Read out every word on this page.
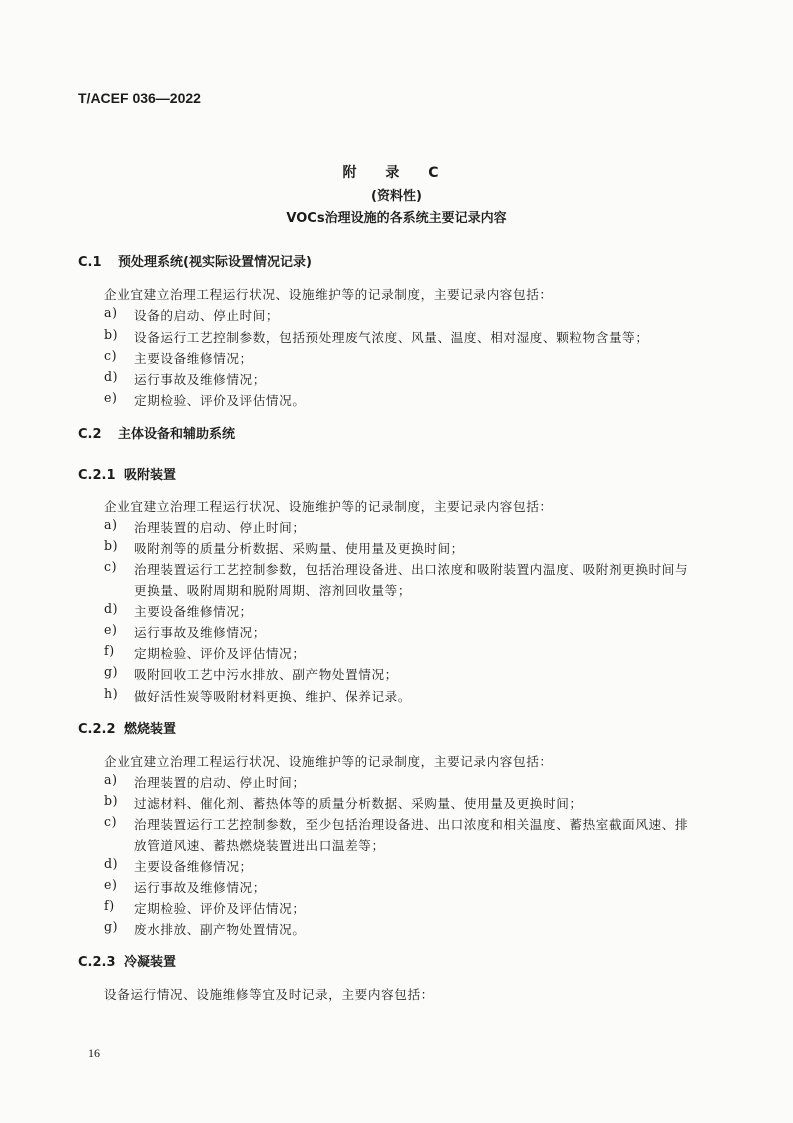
T/ACEF 036—2022
附 录 C
(资料性)
VOCs治理设施的各系统主要记录内容
C.1 预处理系统(视实际设置情况记录)
企业宜建立治理工程运行状况、设施维护等的记录制度，主要记录内容包括：
a) 设备的启动、停止时间；
b) 设备运行工艺控制参数，包括预处理废气浓度、风量、温度、相对湿度、颗粒物含量等；
c) 主要设备维修情况；
d) 运行事故及维修情况；
e) 定期检验、评价及评估情况。
C.2 主体设备和辅助系统
C.2.1 吸附装置
企业宜建立治理工程运行状况、设施维护等的记录制度，主要记录内容包括：
a) 治理装置的启动、停止时间；
b) 吸附剂等的质量分析数据、采购量、使用量及更换时间；
c) 治理装置运行工艺控制参数，包括治理设备进、出口浓度和吸附装置内温度、吸附剂更换时间与
更换量、吸附周期和脱附周期、溶剂回收量等；
d) 主要设备维修情况；
e) 运行事故及维修情况；
f) 定期检验、评价及评估情况；
g) 吸附回收工艺中污水排放、副产物处置情况；
h) 做好活性炭等吸附材料更换、维护、保养记录。
C.2.2 燃烧装置
企业宜建立治理工程运行状况、设施维护等的记录制度，主要记录内容包括：
a) 治理装置的启动、停止时间；
b) 过滤材料、催化剂、蓄热体等的质量分析数据、采购量、使用量及更换时间；
c) 治理装置运行工艺控制参数，至少包括治理设备进、出口浓度和相关温度、蓄热室截面风速、排
放管道风速、蓄热燃烧装置进出口温差等；
d) 主要设备维修情况；
e) 运行事故及维修情况；
f) 定期检验、评价及评估情况；
g) 废水排放、副产物处置情况。
C.2.3 冷凝装置
设备运行情况、设施维修等宜及时记录，主要内容包括：
16
